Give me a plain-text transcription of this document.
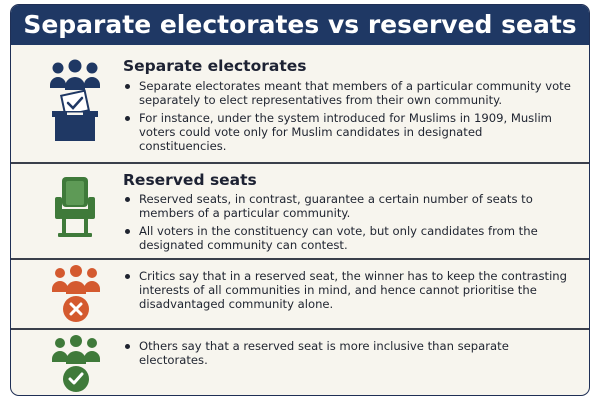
Separate electorates vs reserved seats
Separate electorates
Separate electorates meant that members of a particular community vote separately to elect representatives from their own community.
For instance, under the system introduced for Muslims in 1909, Muslim voters could vote only for Muslim candidates in designated constituencies.
Reserved seats
Reserved seats, in contrast, guarantee a certain number of seats to members of a particular community.
All voters in the constituency can vote, but only candidates from the designated community can contest.
Critics say that in a reserved seat, the winner has to keep the contrasting interests of all communities in mind, and hence cannot prioritise the disadvantaged community alone.
Others say that a reserved seat is more inclusive than separate electorates.
